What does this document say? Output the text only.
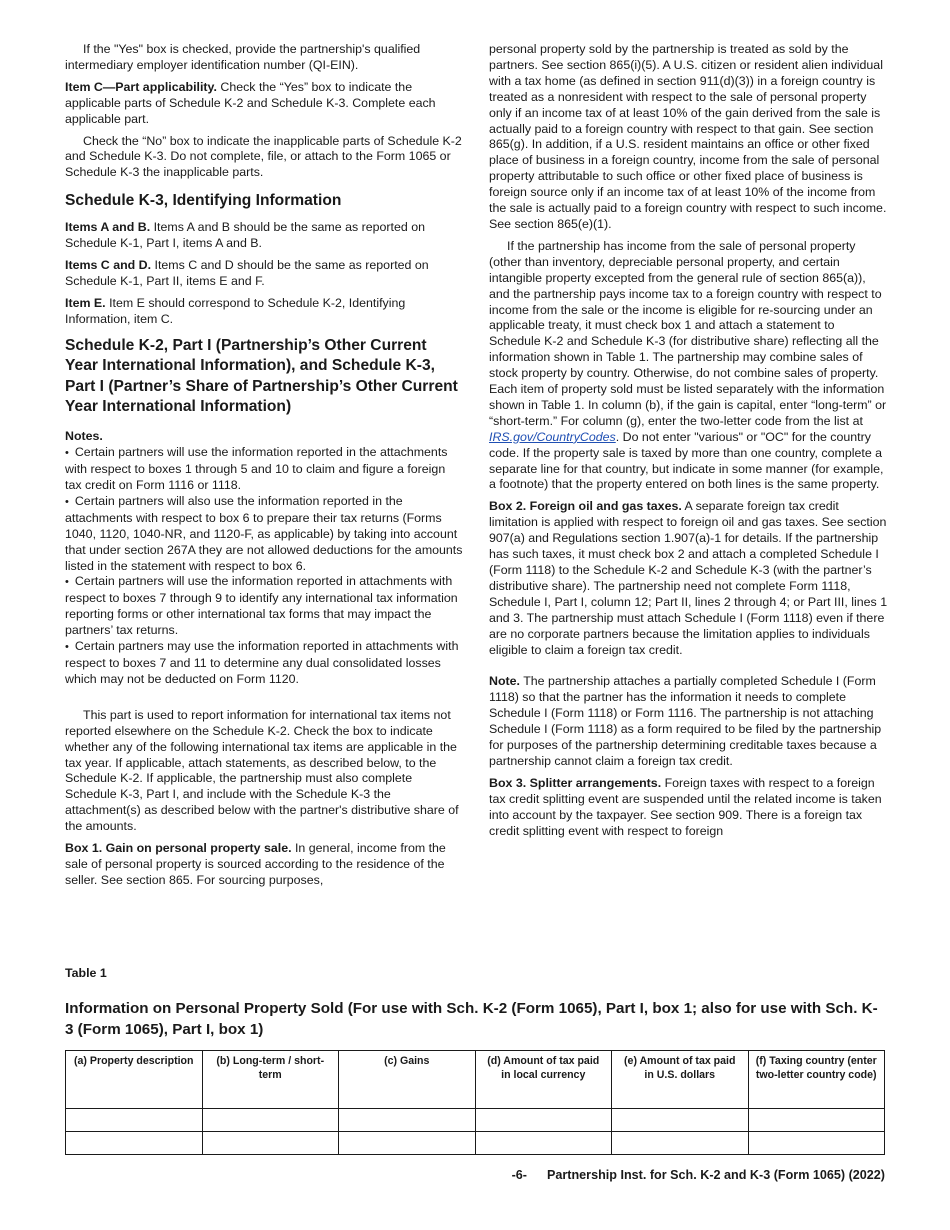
If the "Yes" box is checked, provide the partnership's qualified intermediary employer identification number (QI-EIN).

Item C—Part applicability. Check the “Yes” box to indicate the applicable parts of Schedule K-2 and Schedule K-3. Complete each applicable part.

Check the “No” box to indicate the inapplicable parts of Schedule K-2 and Schedule K-3. Do not complete, file, or attach to the Form 1065 or Schedule K-3 the inapplicable parts.

Schedule K-3, Identifying Information

Items A and B. Items A and B should be the same as reported on Schedule K-1, Part I, items A and B.

Items C and D. Items C and D should be the same as reported on Schedule K-1, Part II, items E and F.

Item E. Item E should correspond to Schedule K-2, Identifying Information, item C.

Schedule K-2, Part I (Partnership’s Other Current Year International Information), and Schedule K-3, Part I (Partner’s Share of Partnership’s Other Current Year International Information)
Notes.
• Certain partners will use the information reported in the attachments with respect to boxes 1 through 5 and 10 to claim and figure a foreign tax credit on Form 1116 or 1118.
• Certain partners will also use the information reported in the attachments with respect to box 6 to prepare their tax returns (Forms 1040, 1120, 1040-NR, and 1120-F, as applicable) by taking into account that under section 267A they are not allowed deductions for the amounts listed in the statement with respect to box 6.
• Certain partners will use the information reported in attachments with respect to boxes 7 through 9 to identify any international tax information reporting forms or other international tax forms that may impact the partners’ tax returns.
• Certain partners may use the information reported in attachments with respect to boxes 7 and 11 to determine any dual consolidated losses which may not be deducted on Form 1120.

This part is used to report information for international tax items not reported elsewhere on the Schedule K-2. Check the box to indicate whether any of the following international tax items are applicable in the tax year. If applicable, attach statements, as described below, to the Schedule K-2. If applicable, the partnership must also complete Schedule K-3, Part I, and include with the Schedule K-3 the attachment(s) as described below with the partner's distributive share of the amounts.

Box 1. Gain on personal property sale. In general, income from the sale of personal property is sourced according to the residence of the seller. See section 865. For sourcing purposes,

personal property sold by the partnership is treated as sold by the partners. See section 865(i)(5). A U.S. citizen or resident alien individual with a tax home (as defined in section 911(d)(3)) in a foreign country is treated as a nonresident with respect to the sale of personal property only if an income tax of at least 10% of the gain derived from the sale is actually paid to a foreign country with respect to that gain. See section 865(g). In addition, if a U.S. resident maintains an office or other fixed place of business in a foreign country, income from the sale of personal property attributable to such office or other fixed place of business is foreign source only if an income tax of at least 10% of the income from the sale is actually paid to a foreign country with respect to such income. See section 865(e)(1).

If the partnership has income from the sale of personal property (other than inventory, depreciable personal property, and certain intangible property excepted from the general rule of section 865(a)), and the partnership pays income tax to a foreign country with respect to income from the sale or the income is eligible for re-sourcing under an applicable treaty, it must check box 1 and attach a statement to Schedule K-2 and Schedule K-3 (for distributive share) reflecting all the information shown in Table 1. The partnership may combine sales of stock property by country. Otherwise, do not combine sales of property. Each item of property sold must be listed separately with the information shown in Table 1. In column (b), if the gain is capital, enter “long-term” or “short-term.” For column (g), enter the two-letter code from the list at IRS.gov/CountryCodes. Do not enter "various" or "OC" for the country code. If the property sale is taxed by more than one country, complete a separate line for that country, but indicate in some manner (for example, a footnote) that the property entered on both lines is the same property.

Box 2. Foreign oil and gas taxes. A separate foreign tax credit limitation is applied with respect to foreign oil and gas taxes. See section 907(a) and Regulations section 1.907(a)-1 for details. If the partnership has such taxes, it must check box 2 and attach a completed Schedule I (Form 1118) to the Schedule K-2 and Schedule K-3 (with the partner’s distributive share). The partnership need not complete Form 1118, Schedule I, Part I, column 12; Part II, lines 2 through 4; or Part III, lines 1 and 3. The partnership must attach Schedule I (Form 1118) even if there are no corporate partners because the limitation applies to individuals eligible to claim a foreign tax credit.

Note. The partnership attaches a partially completed Schedule I (Form 1118) so that the partner has the information it needs to complete Schedule I (Form 1118) or Form 1116. The partnership is not attaching Schedule I (Form 1118) as a form required to be filed by the partnership for purposes of the partnership determining creditable taxes because a partnership cannot claim a foreign tax credit.

Box 3. Splitter arrangements. Foreign taxes with respect to a foreign tax credit splitting event are suspended until the related income is taken into account by the taxpayer. See section 909. There is a foreign tax credit splitting event with respect to foreign

Table 1
Information on Personal Property Sold (For use with Sch. K-2 (Form 1065), Part I, box 1; also for use with Sch. K-3 (Form 1065), Part I, box 1)
(a) Property description	(b) Long-term / short-term	(c) Gains	(d) Amount of tax paid in local currency	(e) Amount of tax paid in U.S. dollars	(f) Taxing country (enter two-letter country code)

-6- Partnership Inst. for Sch. K-2 and K-3 (Form 1065) (2022)
